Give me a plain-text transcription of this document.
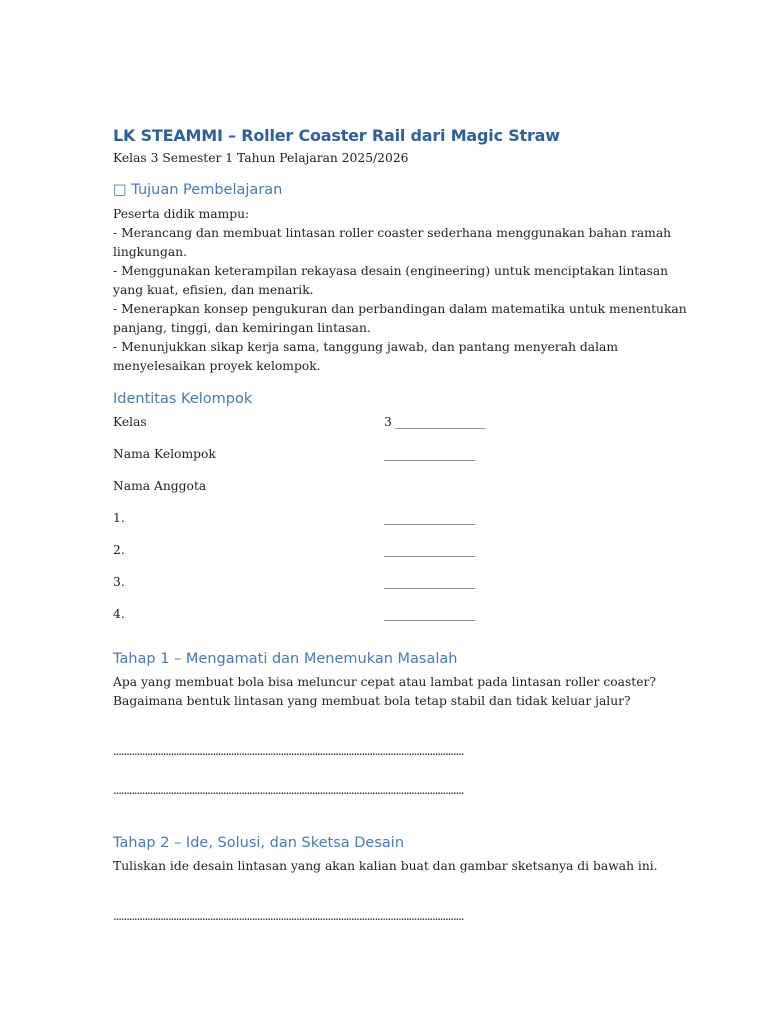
LK STEAMMI – Roller Coaster Rail dari Magic Straw
Kelas 3 Semester 1 Tahun Pelajaran 2025/2026
□ Tujuan Pembelajaran
Peserta didik mampu:
- Merancang dan membuat lintasan roller coaster sederhana menggunakan bahan ramah
lingkungan.
- Menggunakan keterampilan rekayasa desain (engineering) untuk menciptakan lintasan
yang kuat, efisien, dan menarik.
- Menerapkan konsep pengukuran dan perbandingan dalam matematika untuk menentukan
panjang, tinggi, dan kemiringan lintasan.
- Menunjukkan sikap kerja sama, tanggung jawab, dan pantang menyerah dalam
menyelesaikan proyek kelompok.
Identitas Kelompok
Kelas	3 ________________
Nama Kelompok	________________
Nama Anggota
1.	________________
2.	________________
3.	________________
4.	________________
Tahap 1 – Mengamati dan Menemukan Masalah
Apa yang membuat bola bisa meluncur cepat atau lambat pada lintasan roller coaster?
Bagaimana bentuk lintasan yang membuat bola tetap stabil dan tidak keluar jalur?
......................................................................................................................................
......................................................................................................................................
Tahap 2 – Ide, Solusi, dan Sketsa Desain
Tuliskan ide desain lintasan yang akan kalian buat dan gambar sketsanya di bawah ini.
......................................................................................................................................
